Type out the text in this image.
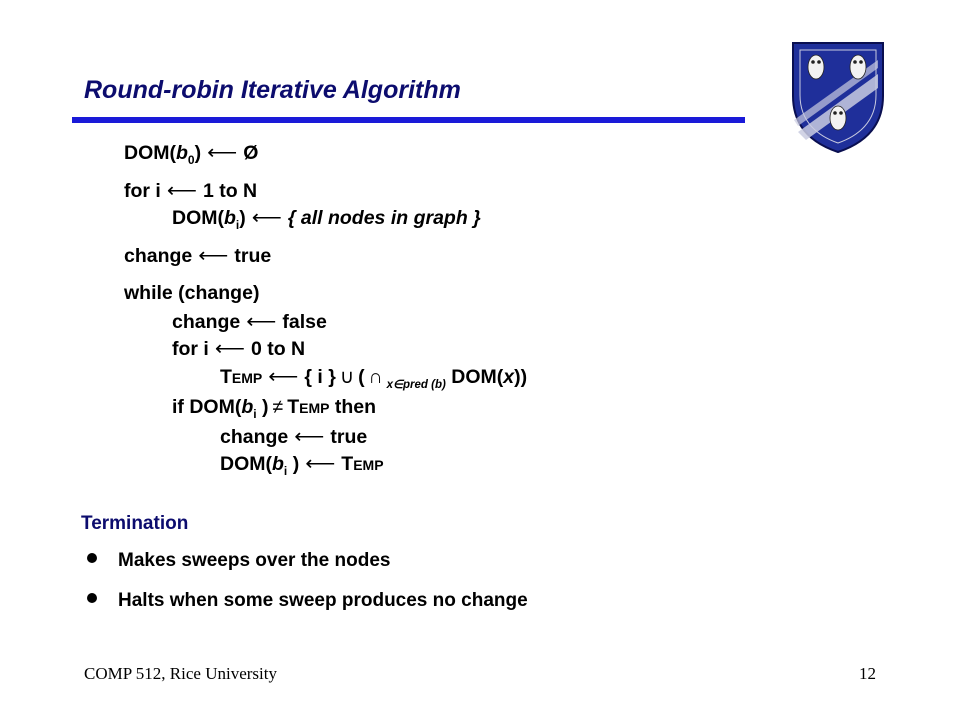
Round-robin Iterative Algorithm
$DOM(b_0)$ ⟵ Ø
for i ⟵ 1 to N
$DOM(b_i)$ ⟵ { all nodes in graph }
change ⟵ true
while (change)
change ⟵ false
for i ⟵ 0 to N
TEMP ⟵ { i } ∪ ( ∩ $_{x\in pred (b)}$ DOM(x))
if $DOM(b_i$ ) ≠ TEMP then
change ⟵ true
$DOM(b_i$ ) ⟵ TEMP
Termination
Makes sweeps over the nodes
Halts when some sweep produces no change
COMP 512, Rice University	12
